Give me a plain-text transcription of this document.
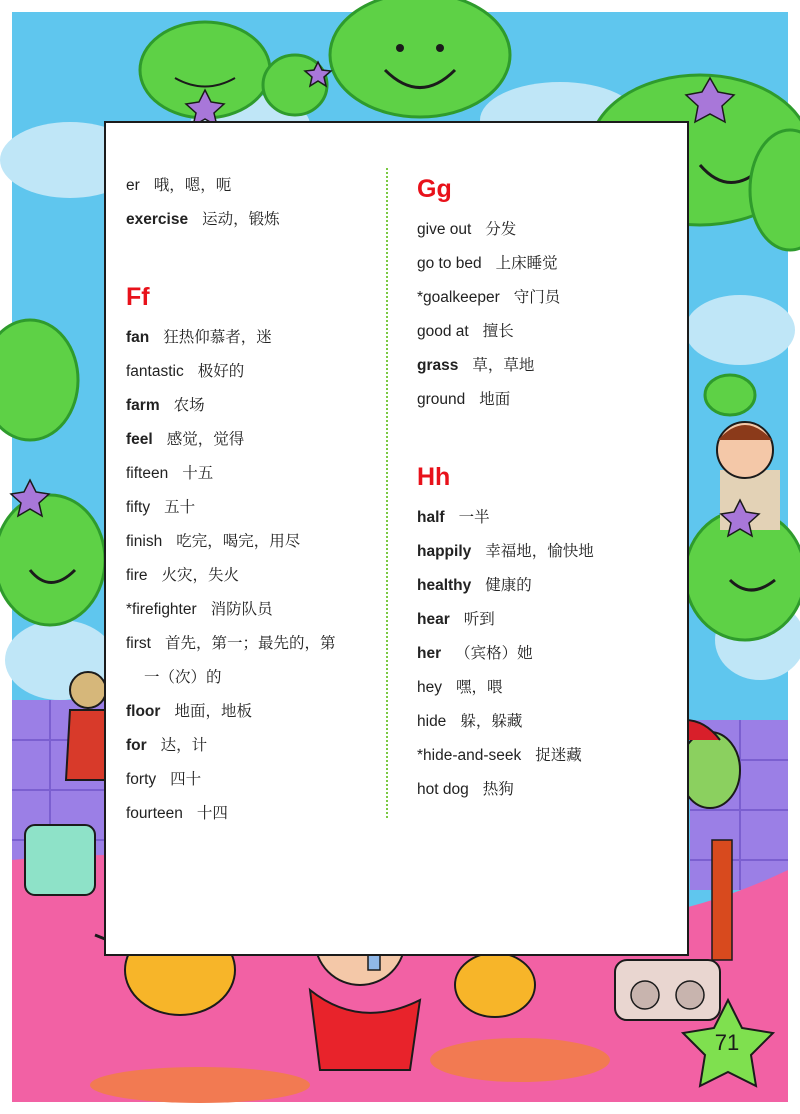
er 哦，嗯，呃
exercise 运动，锻炼
Ff
fan 狂热仰慕者，迷
fantastic 极好的
farm 农场
feel 感觉，觉得
fifteen 十五
fifty 五十
finish 吃完，喝完，用尽
fire 火灾，失火
*firefighter 消防队员
first 首先，第一；最先的，第
一（次）的
floor 地面，地板
for 达，计
forty 四十
fourteen 十四
Gg
give out 分发
go to bed 上床睡觉
*goalkeeper 守门员
good at 擅长
grass 草，草地
ground 地面
Hh
half 一半
happily 幸福地，愉快地
healthy 健康的
hear 听到
her （宾格）她
hey 嘿，喂
hide 躲，躲藏
*hide-and-seek 捉迷藏
hot dog 热狗
71
